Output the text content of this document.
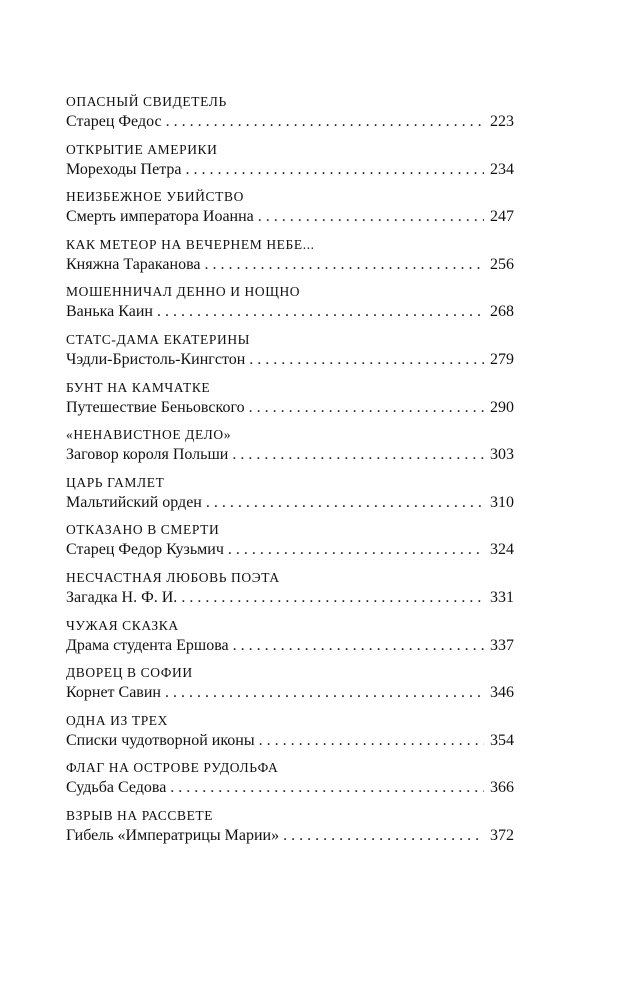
ОПАСНЫЙ СВИДЕТЕЛЬ
Старец Федос . . .	223
ОТКРЫТИЕ АМЕРИКИ
Мореходы Петра . . .	234
НЕИЗБЕЖНОЕ УБИЙСТВО
Смерть императора Иоанна . . .	247
КАК МЕТЕОР НА ВЕЧЕРНЕМ НЕБЕ...
Княжна Тараканова . . .	256
МОШЕННИЧАЛ ДЕННО И НОЩНО
Ванька Каин . . .	268
СТАТС-ДАМА ЕКАТЕРИНЫ
Чэдли-Бристоль-Кингстон . . .	279
БУНТ НА КАМЧАТКЕ
Путешествие Беньовского . . .	290
«НЕНАВИСТНОЕ ДЕЛО»
Заговор короля Польши . . .	303
ЦАРЬ ГАМЛЕТ
Мальтийский орден . . .	310
ОТКАЗАНО В СМЕРТИ
Старец Федор Кузьмич . . .	324
НЕСЧАСТНАЯ ЛЮБОВЬ ПОЭТА
Загадка Н. Ф. И. . . .	331
ЧУЖАЯ СКАЗКА
Драма студента Ершова . . .	337
ДВОРЕЦ В СОФИИ
Корнет Савин . . .	346
ОДНА ИЗ ТРЕХ
Списки чудотворной иконы . . .	354
ФЛАГ НА ОСТРОВЕ РУДОЛЬФА
Судьба Седова . . .	366
ВЗРЫВ НА РАССВЕТЕ
Гибель «Императрицы Марии» . . .	372
